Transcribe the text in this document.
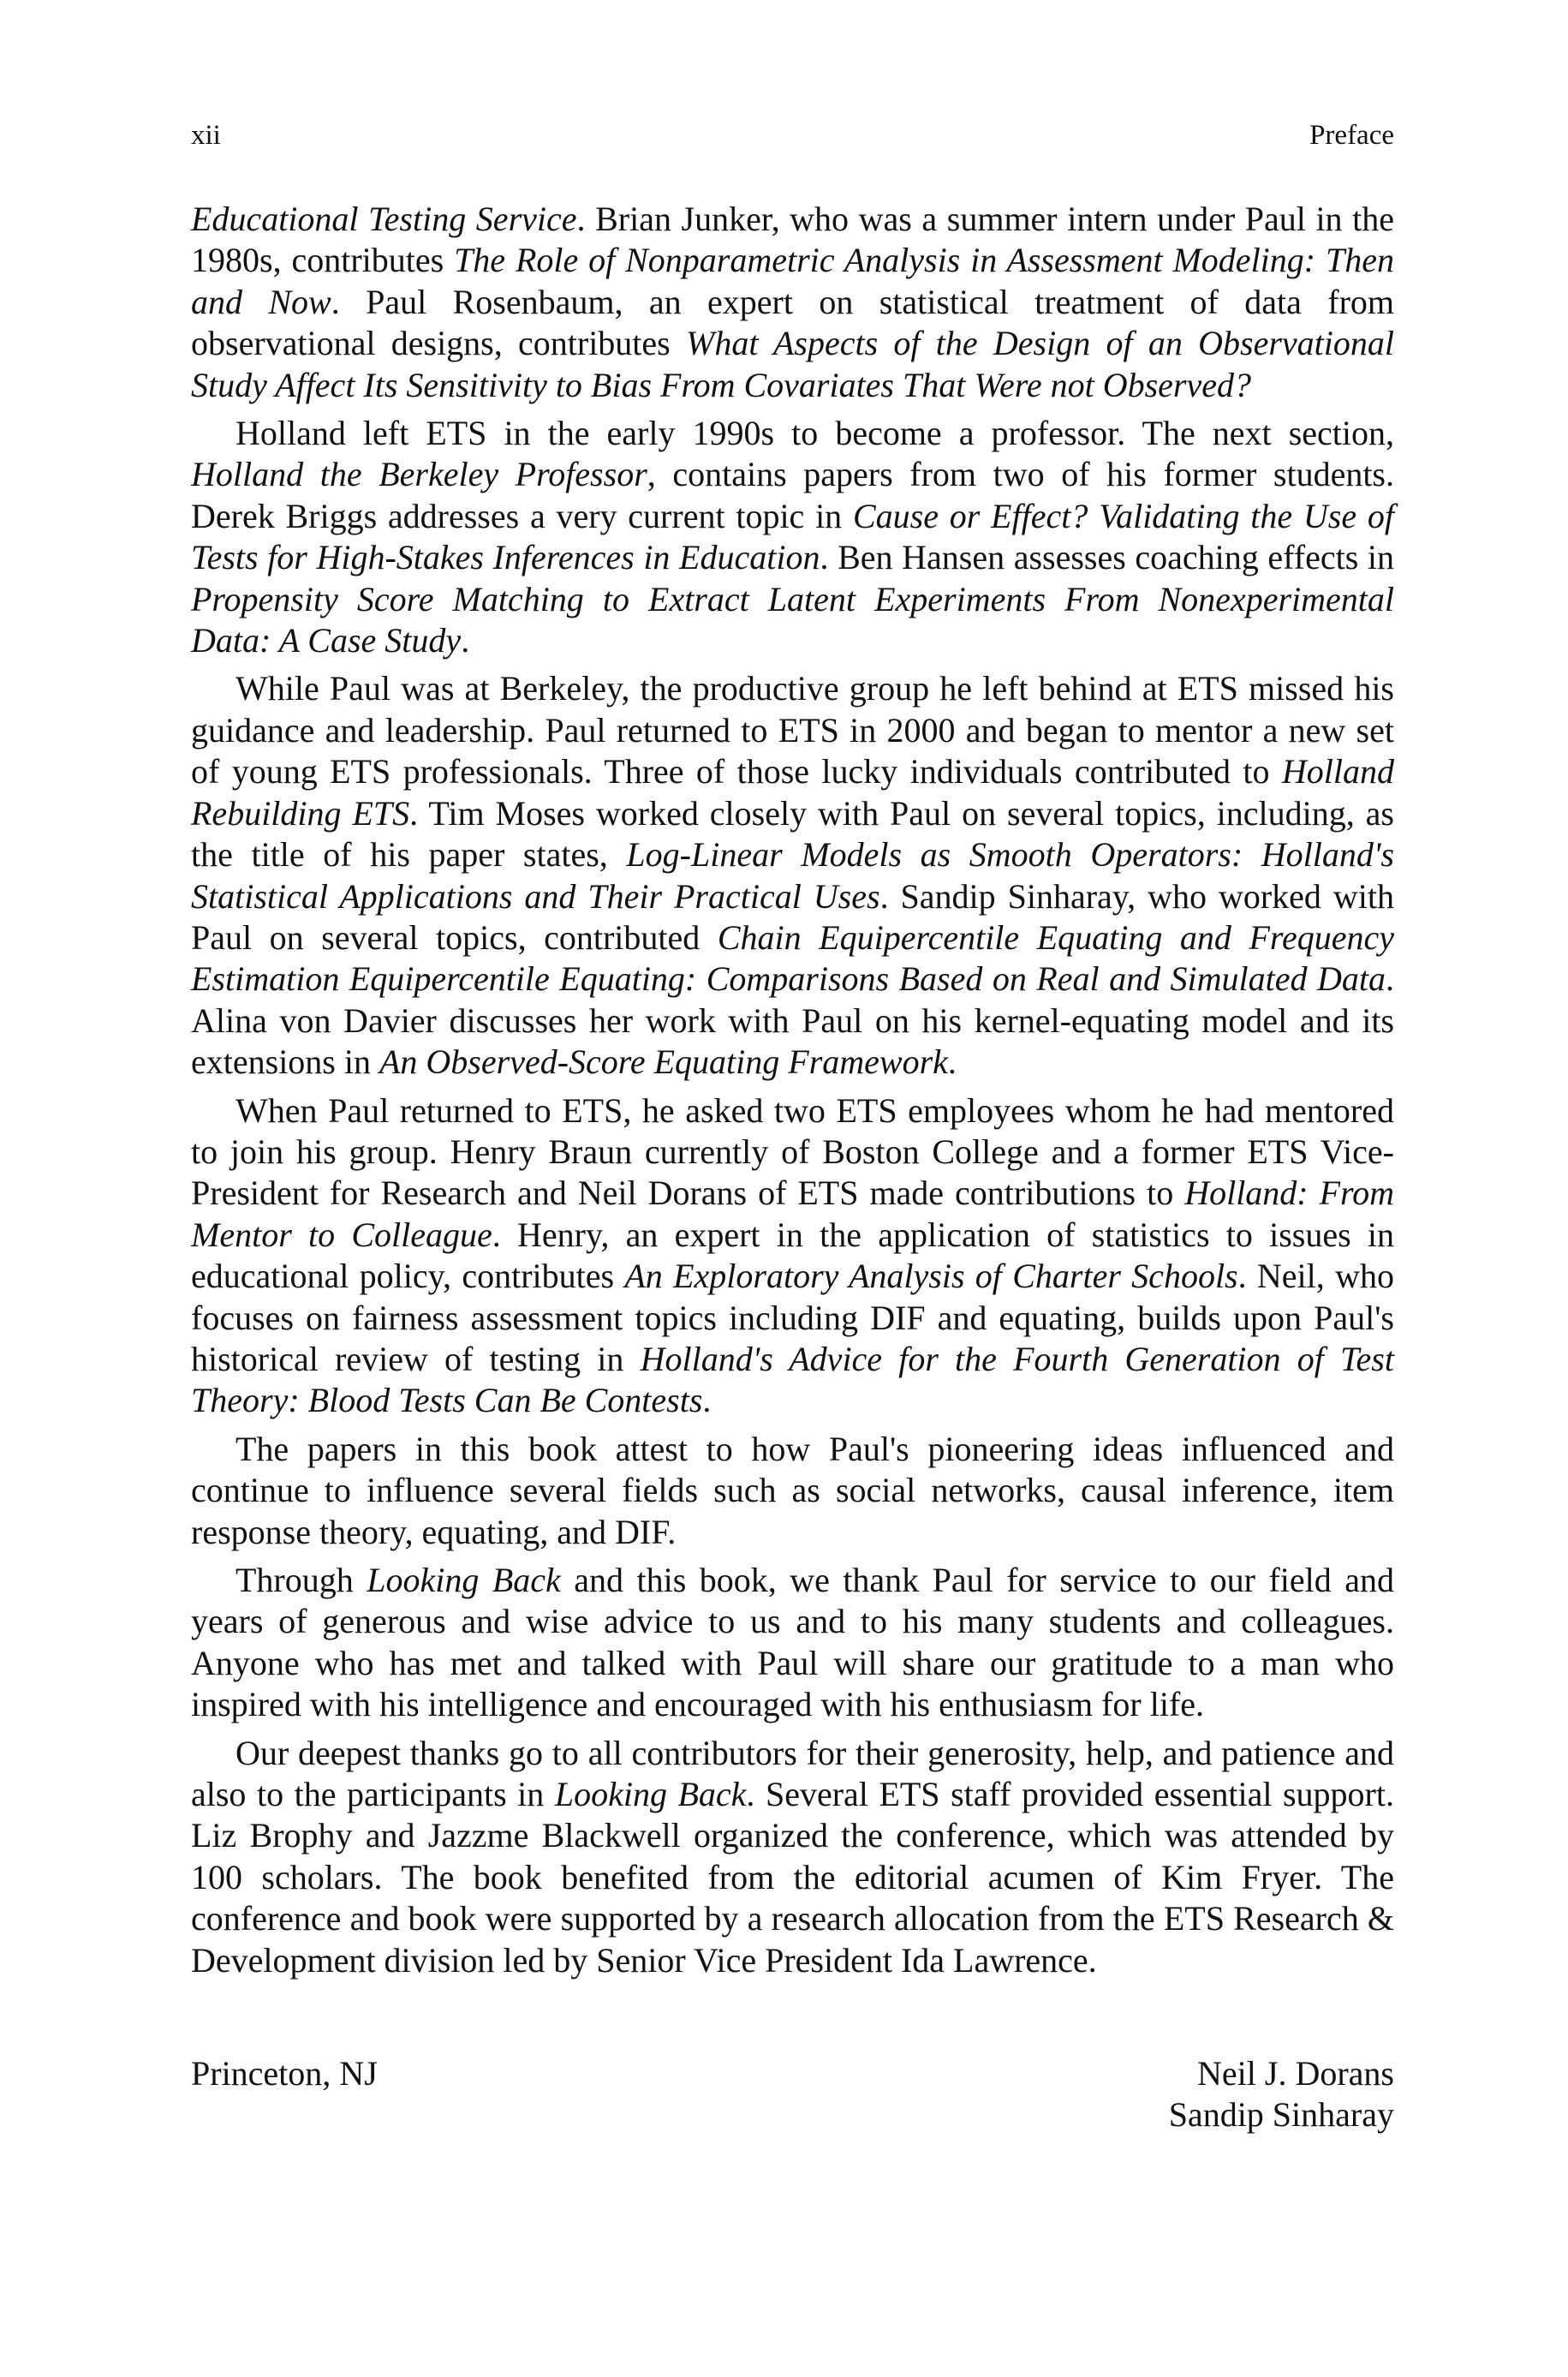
xii	Preface

Educational Testing Service. Brian Junker, who was a summer intern under Paul in the 1980s, contributes The Role of Nonparametric Analysis in Assessment Modeling: Then and Now. Paul Rosenbaum, an expert on statistical treatment of data from observational designs, contributes What Aspects of the Design of an Observational Study Affect Its Sensitivity to Bias From Covariates That Were not Observed?

Holland left ETS in the early 1990s to become a professor. The next section, Holland the Berkeley Professor, contains papers from two of his former students. Derek Briggs addresses a very current topic in Cause or Effect? Validating the Use of Tests for High-Stakes Inferences in Education. Ben Hansen assesses coaching effects in Propensity Score Matching to Extract Latent Experiments From Nonexperimental Data: A Case Study.

While Paul was at Berkeley, the productive group he left behind at ETS missed his guidance and leadership. Paul returned to ETS in 2000 and began to mentor a new set of young ETS professionals. Three of those lucky individuals contributed to Holland Rebuilding ETS. Tim Moses worked closely with Paul on several topics, including, as the title of his paper states, Log-Linear Models as Smooth Operators: Holland's Statistical Applications and Their Practical Uses. Sandip Sinharay, who worked with Paul on several topics, contributed Chain Equipercentile Equating and Frequency Estimation Equipercentile Equating: Comparisons Based on Real and Simulated Data. Alina von Davier discusses her work with Paul on his kernel-equating model and its extensions in An Observed-Score Equating Framework.

When Paul returned to ETS, he asked two ETS employees whom he had mentored to join his group. Henry Braun currently of Boston College and a former ETS Vice-President for Research and Neil Dorans of ETS made contributions to Holland: From Mentor to Colleague. Henry, an expert in the application of statistics to issues in educational policy, contributes An Exploratory Analysis of Charter Schools. Neil, who focuses on fairness assessment topics including DIF and equating, builds upon Paul's historical review of testing in Holland's Advice for the Fourth Generation of Test Theory: Blood Tests Can Be Contests.

The papers in this book attest to how Paul's pioneering ideas influenced and continue to influence several fields such as social networks, causal inference, item response theory, equating, and DIF.

Through Looking Back and this book, we thank Paul for service to our field and years of generous and wise advice to us and to his many students and colleagues. Anyone who has met and talked with Paul will share our gratitude to a man who inspired with his intelligence and encouraged with his enthusiasm for life.

Our deepest thanks go to all contributors for their generosity, help, and patience and also to the participants in Looking Back. Several ETS staff provided essential support. Liz Brophy and Jazzme Blackwell organized the conference, which was attended by 100 scholars. The book benefited from the editorial acumen of Kim Fryer. The conference and book were supported by a research allocation from the ETS Research & Development division led by Senior Vice President Ida Lawrence.

Princeton, NJ	Neil J. Dorans
Sandip Sinharay
